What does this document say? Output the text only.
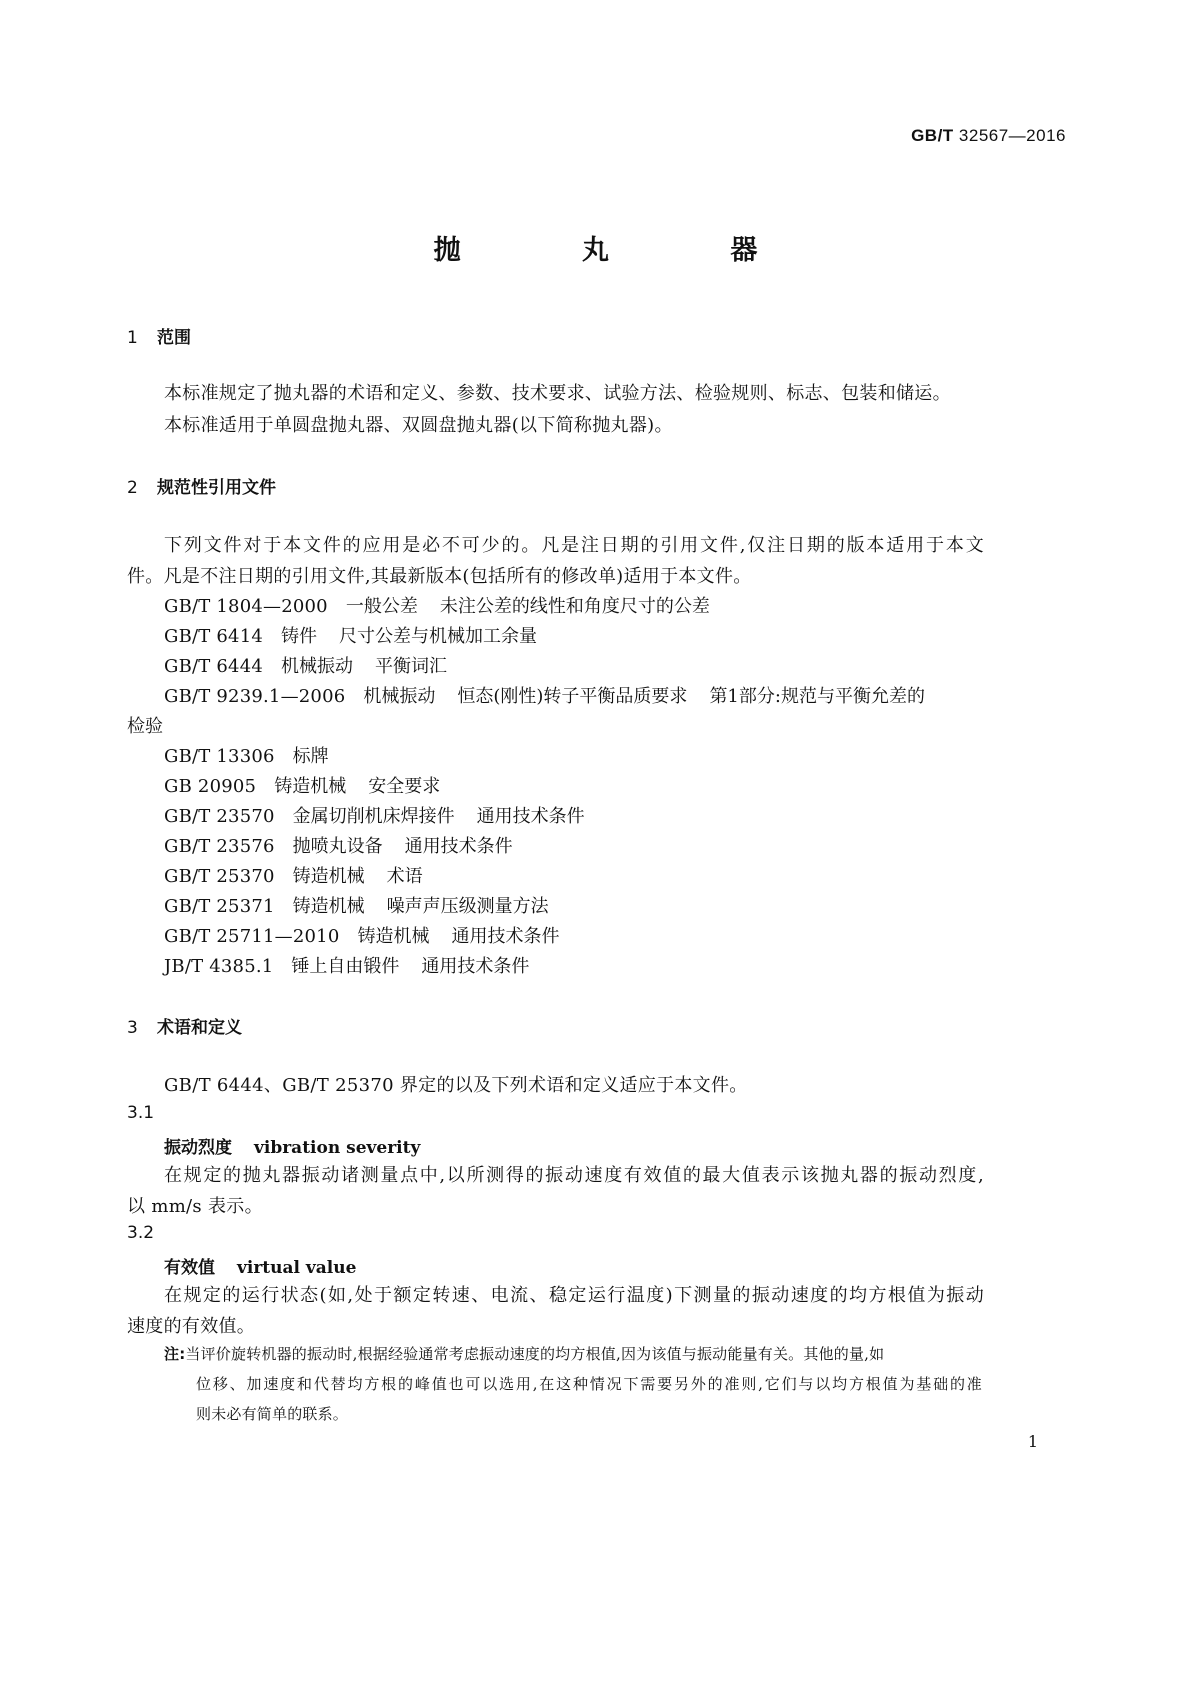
GB/T 32567—2016
抛 丸 器
1 范围
本标准规定了抛丸器的术语和定义、参数、技术要求、试验方法、检验规则、标志、包装和储运。
本标准适用于单圆盘抛丸器、双圆盘抛丸器(以下简称抛丸器)。
2 规范性引用文件
下列文件对于本文件的应用是必不可少的。凡是注日期的引用文件,仅注日期的版本适用于本文
件。凡是不注日期的引用文件,其最新版本(包括所有的修改单)适用于本文件。
GB/T 1804—2000 一般公差 未注公差的线性和角度尺寸的公差
GB/T 6414 铸件 尺寸公差与机械加工余量
GB/T 6444 机械振动 平衡词汇
GB/T 9239.1—2006 机械振动 恒态(刚性)转子平衡品质要求 第1部分:规范与平衡允差的
检验
GB/T 13306 标牌
GB 20905 铸造机械 安全要求
GB/T 23570 金属切削机床焊接件 通用技术条件
GB/T 23576 抛喷丸设备 通用技术条件
GB/T 25370 铸造机械 术语
GB/T 25371 铸造机械 噪声声压级测量方法
GB/T 25711—2010 铸造机械 通用技术条件
JB/T 4385.1 锤上自由锻件 通用技术条件
3 术语和定义
GB/T 6444、GB/T 25370 界定的以及下列术语和定义适应于本文件。
3.1
振动烈度 vibration severity
在规定的抛丸器振动诸测量点中,以所测得的振动速度有效值的最大值表示该抛丸器的振动烈度,
以 mm/s 表示。
3.2
有效值 virtual value
在规定的运行状态(如,处于额定转速、电流、稳定运行温度)下测量的振动速度的均方根值为振动
速度的有效值。
注:当评价旋转机器的振动时,根据经验通常考虑振动速度的均方根值,因为该值与振动能量有关。其他的量,如
位移、加速度和代替均方根的峰值也可以选用,在这种情况下需要另外的准则,它们与以均方根值为基础的准
则未必有简单的联系。
1
